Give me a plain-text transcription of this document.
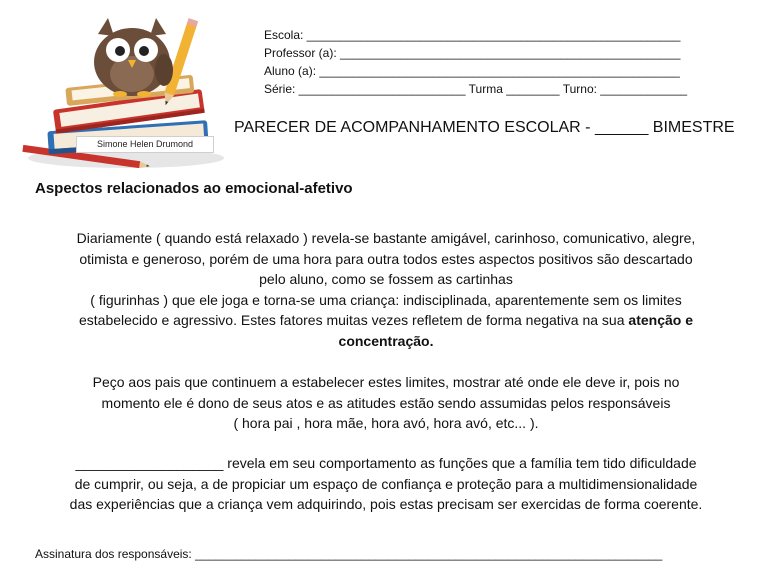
Simone Helen Drumond
Escola: ________________________________________________________
Professor (a): ___________________________________________________
Aluno (a): ______________________________________________________
Série: _________________________ Turma ________ Turno: _____________
PARECER DE ACOMPANHAMENTO ESCOLAR - ______ BIMESTRE
Aspectos relacionados ao emocional-afetivo
Diariamente ( quando está relaxado ) revela-se bastante amigável, carinhoso, comunicativo, alegre,
otimista e generoso, porém de uma hora para outra todos estes aspectos positivos são descartado
pelo aluno, como se fossem as cartinhas
( figurinhas ) que ele joga e torna-se uma criança: indisciplinada, aparentemente sem os limites
estabelecido e agressivo. Estes fatores muitas vezes refletem de forma negativa na sua atenção e
concentração.
Peço aos pais que continuem a estabelecer estes limites, mostrar até onde ele deve ir, pois no
momento ele é dono de seus atos e as atitudes estão sendo assumidas pelos responsáveis
( hora pai , hora mãe, hora avó, hora avó, etc... ).
___________________ revela em seu comportamento as funções que a família tem tido dificuldade
de cumprir, ou seja, a de propiciar um espaço de confiança e proteção para a multidimensionalidade
das experiências que a criança vem adquirindo, pois estas precisam ser exercidas de forma coerente.
Assinatura dos responsáveis: ______________________________________________________________________
